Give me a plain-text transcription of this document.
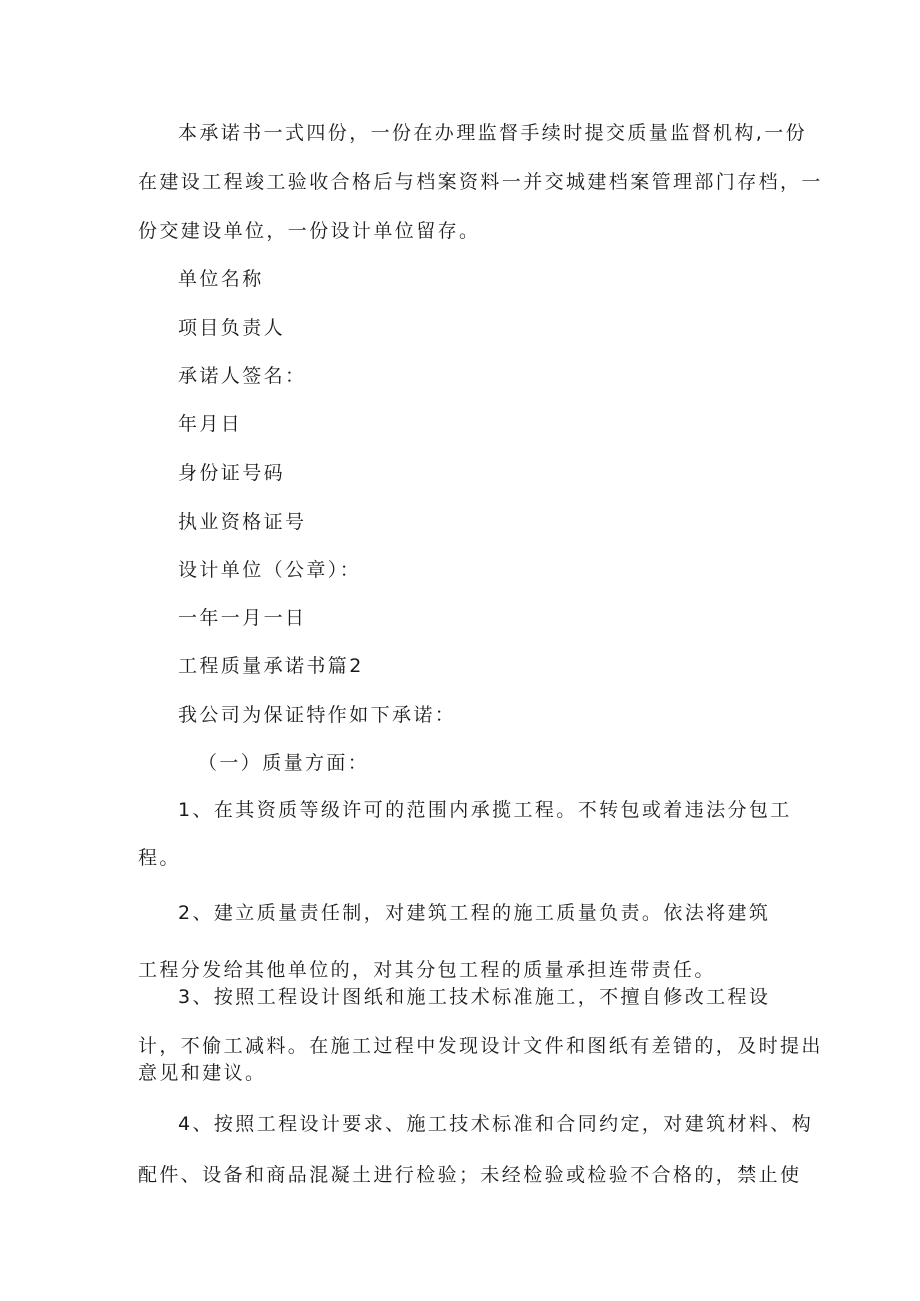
本承诺书一式四份，一份在办理监督手续时提交质量监督机构,一份
在建设工程竣工验收合格后与档案资料一并交城建档案管理部门存档，一
份交建设单位，一份设计单位留存。
单位名称
项目负责人
承诺人签名：
年月日
身份证号码
执业资格证号
设计单位（公章）：
一年一月一日
工程质量承诺书篇2
我公司为保证特作如下承诺：
（一）质量方面：
1、在其资质等级许可的范围内承揽工程。不转包或着违法分包工
程。
2、建立质量责任制，对建筑工程的施工质量负责。依法将建筑
工程分发给其他单位的，对其分包工程的质量承担连带责任。
3、按照工程设计图纸和施工技术标准施工，不擅自修改工程设
计，不偷工减料。在施工过程中发现设计文件和图纸有差错的，及时提出
意见和建议。
4、按照工程设计要求、施工技术标准和合同约定，对建筑材料、构
配件、设备和商品混凝土进行检验；未经检验或检验不合格的，禁止使
